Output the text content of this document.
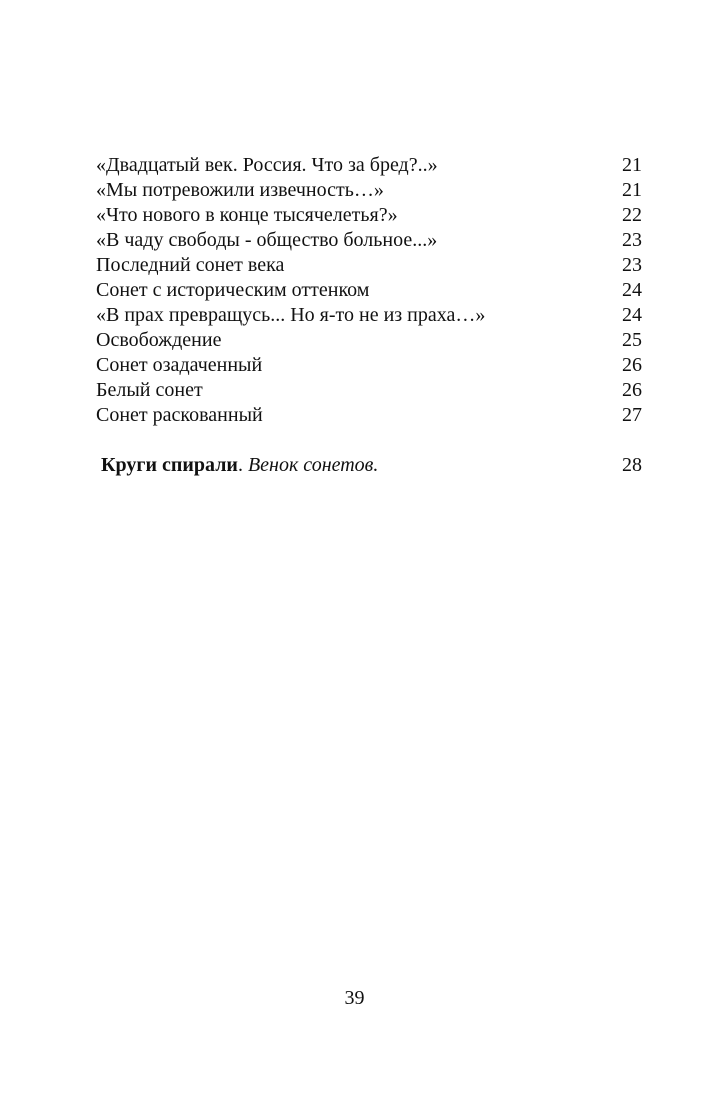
«Двадцатый век. Россия. Что за бред?..»	21
«Мы потревожили извечность…»	21
«Что нового в конце тысячелетья?»	22
«В чаду свободы - общество больное...»	23
Последний сонет века	23
Сонет с историческим оттенком	24
«В прах превращусь... Но я-то не из праха…»	24
Освобождение	25
Сонет озадаченный	26
Белый сонет	26
Сонет раскованный	27
Круги спирали. Венок сонетов.	28
39
